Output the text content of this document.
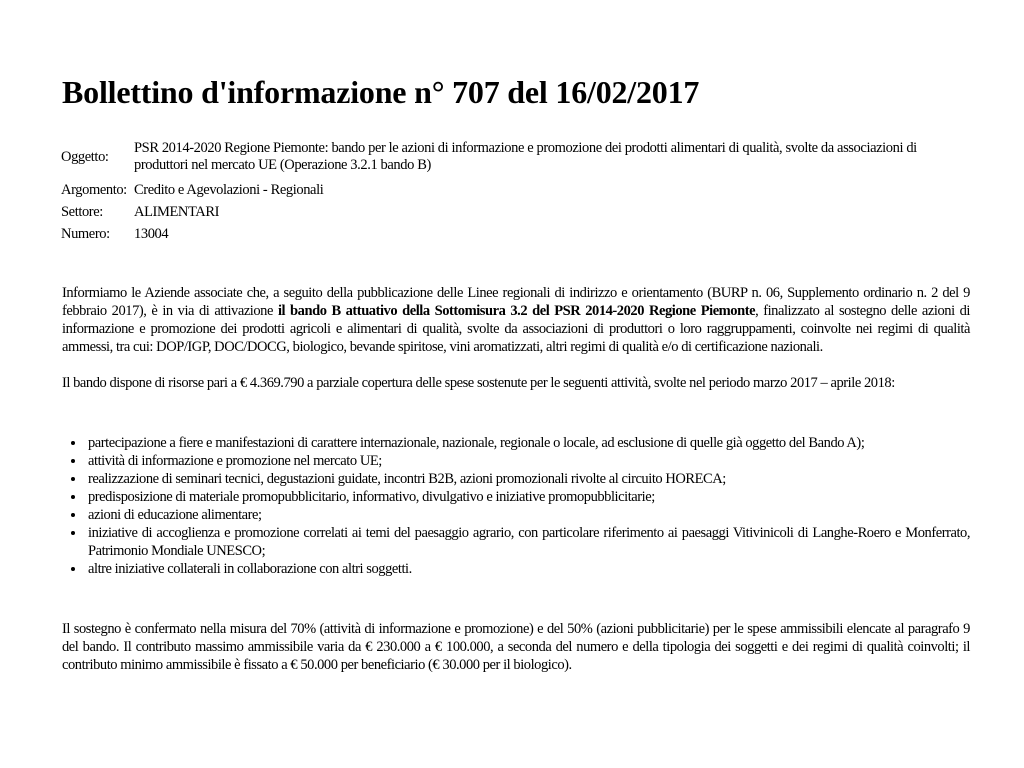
Bollettino d'informazione n° 707 del 16/02/2017
Oggetto:	PSR 2014-2020 Regione Piemonte: bando per le azioni di informazione e promozione dei prodotti alimentari di qualità, svolte da associazioni di produttori nel mercato UE (Operazione 3.2.1 bando B)
Argomento:	Credito e Agevolazioni - Regionali
Settore:	ALIMENTARI
Numero:	13004

Informiamo le Aziende associate che, a seguito della pubblicazione delle Linee regionali di indirizzo e orientamento (BURP n. 06, Supplemento ordinario n. 2 del 9 febbraio 2017), è in via di attivazione il bando B attuativo della Sottomisura 3.2 del PSR 2014-2020 Regione Piemonte, finalizzato al sostegno delle azioni di informazione e promozione dei prodotti agricoli e alimentari di qualità, svolte da associazioni di produttori o loro raggruppamenti, coinvolte nei regimi di qualità ammessi, tra cui: DOP/IGP, DOC/DOCG, biologico, bevande spiritose, vini aromatizzati, altri regimi di qualità e/o di certificazione nazionali.

Il bando dispone di risorse pari a € 4.369.790 a parziale copertura delle spese sostenute per le seguenti attività, svolte nel periodo marzo 2017 – aprile 2018:

• partecipazione a fiere e manifestazioni di carattere internazionale, nazionale, regionale o locale, ad esclusione di quelle già oggetto del Bando A);
• attività di informazione e promozione nel mercato UE;
• realizzazione di seminari tecnici, degustazioni guidate, incontri B2B, azioni promozionali rivolte al circuito HORECA;
• predisposizione di materiale promopubblicitario, informativo, divulgativo e iniziative promopubblicitarie;
• azioni di educazione alimentare;
• iniziative di accoglienza e promozione correlati ai temi del paesaggio agrario, con particolare riferimento ai paesaggi Vitivinicoli di Langhe-Roero e Monferrato, Patrimonio Mondiale UNESCO;
• altre iniziative collaterali in collaborazione con altri soggetti.

Il sostegno è confermato nella misura del 70% (attività di informazione e promozione) e del 50% (azioni pubblicitarie) per le spese ammissibili elencate al paragrafo 9 del bando. Il contributo massimo ammissibile varia da € 230.000 a € 100.000, a seconda del numero e della tipologia dei soggetti e dei regimi di qualità coinvolti; il contributo minimo ammissibile è fissato a € 50.000 per beneficiario (€ 30.000 per il biologico).
